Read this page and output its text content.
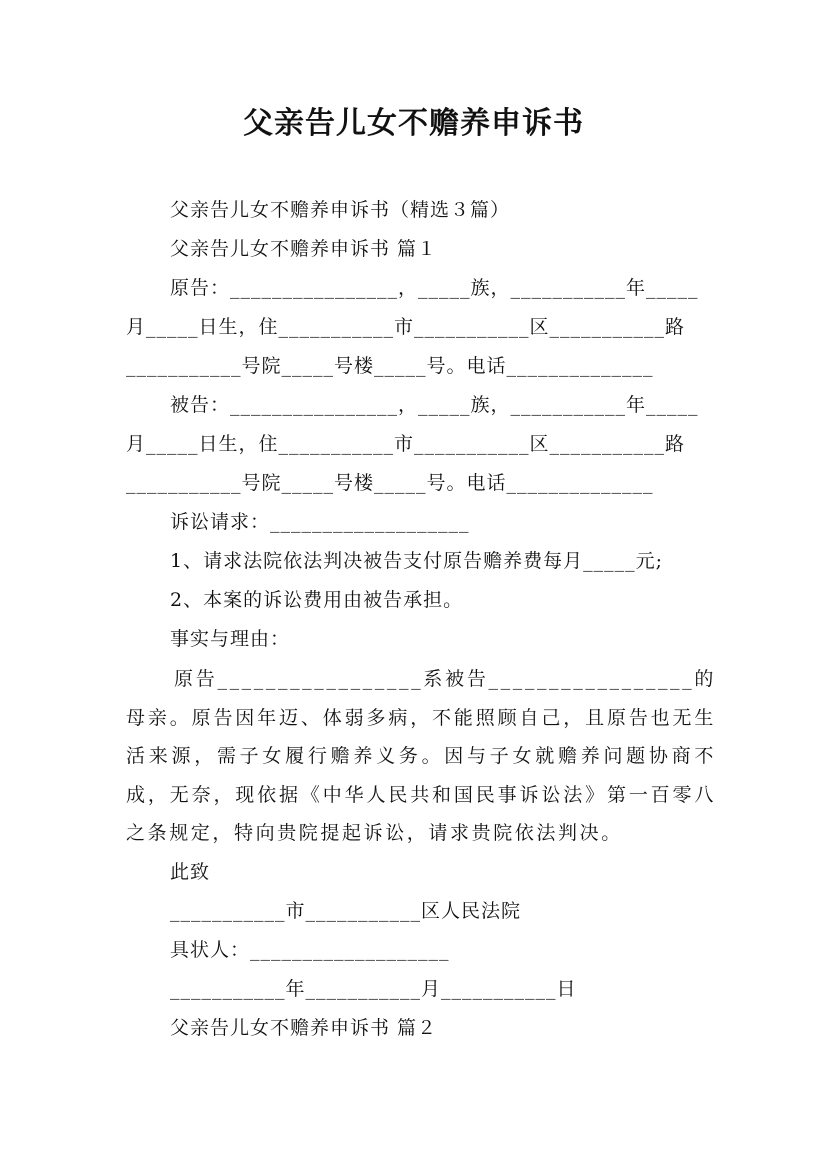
父亲告儿女不赡养申诉书
父亲告儿女不赡养申诉书（精选３篇）
父亲告儿女不赡养申诉书 篇１
原告：________________，_____族，___________年_____
月_____日生，住___________市___________区___________路
___________号院_____号楼_____号。电话______________
被告：________________，_____族，___________年_____
月_____日生，住___________市___________区___________路
___________号院_____号楼_____号。电话______________
诉讼请求：___________________
1、请求法院依法判决被告支付原告赡养费每月_____元;
2、本案的诉讼费用由被告承担。
事实与理由：
原告_________________系被告_________________的母亲。原告因年迈、体弱多病，不能照顾自己，且原告也无生活来源，需子女履行赡养义务。因与子女就赡养问题协商不成，无奈，现依据《中华人民共和国民事诉讼法》第一百零八之条规定，特向贵院提起诉讼，请求贵院依法判决。
此致
___________市___________区人民法院
具状人：___________________
___________年___________月___________日
父亲告儿女不赡养申诉书 篇２
